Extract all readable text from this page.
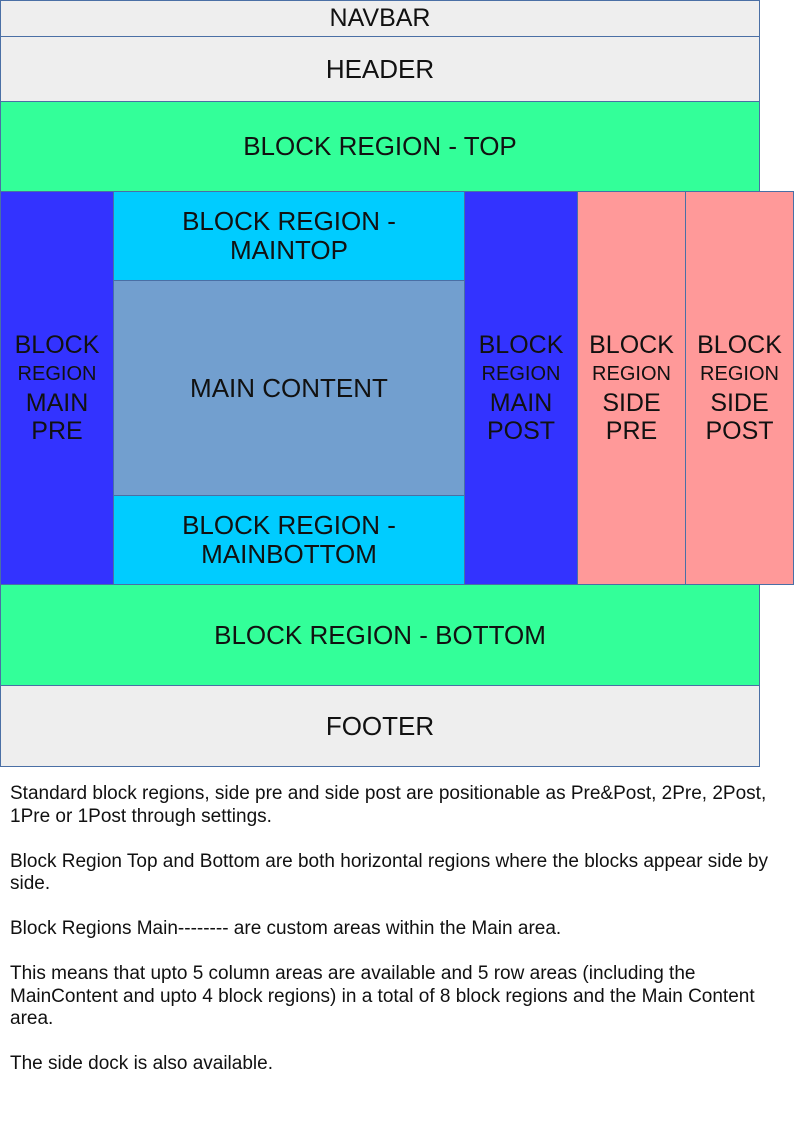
NAVBAR
HEADER
BLOCK REGION - TOP
BLOCK
REGION
MAIN
PRE
BLOCK REGION -
MAINTOP
MAIN CONTENT
BLOCK REGION -
MAINBOTTOM
BLOCK
REGION
MAIN
POST
BLOCK
REGION
SIDE
PRE
BLOCK
REGION
SIDE
POST
BLOCK REGION - BOTTOM
FOOTER

Standard block regions, side pre and side post are positionable as Pre&Post, 2Pre, 2Post, 1Pre or 1Post through settings.

Block Region Top and Bottom are both horizontal regions where the blocks appear side by side.

Block Regions Main-------- are custom areas within the Main area.

This means that upto 5 column areas are available and 5 row areas (including the MainContent and upto 4 block regions) in a total of 8 block regions and the Main Content area.

The side dock is also available.
